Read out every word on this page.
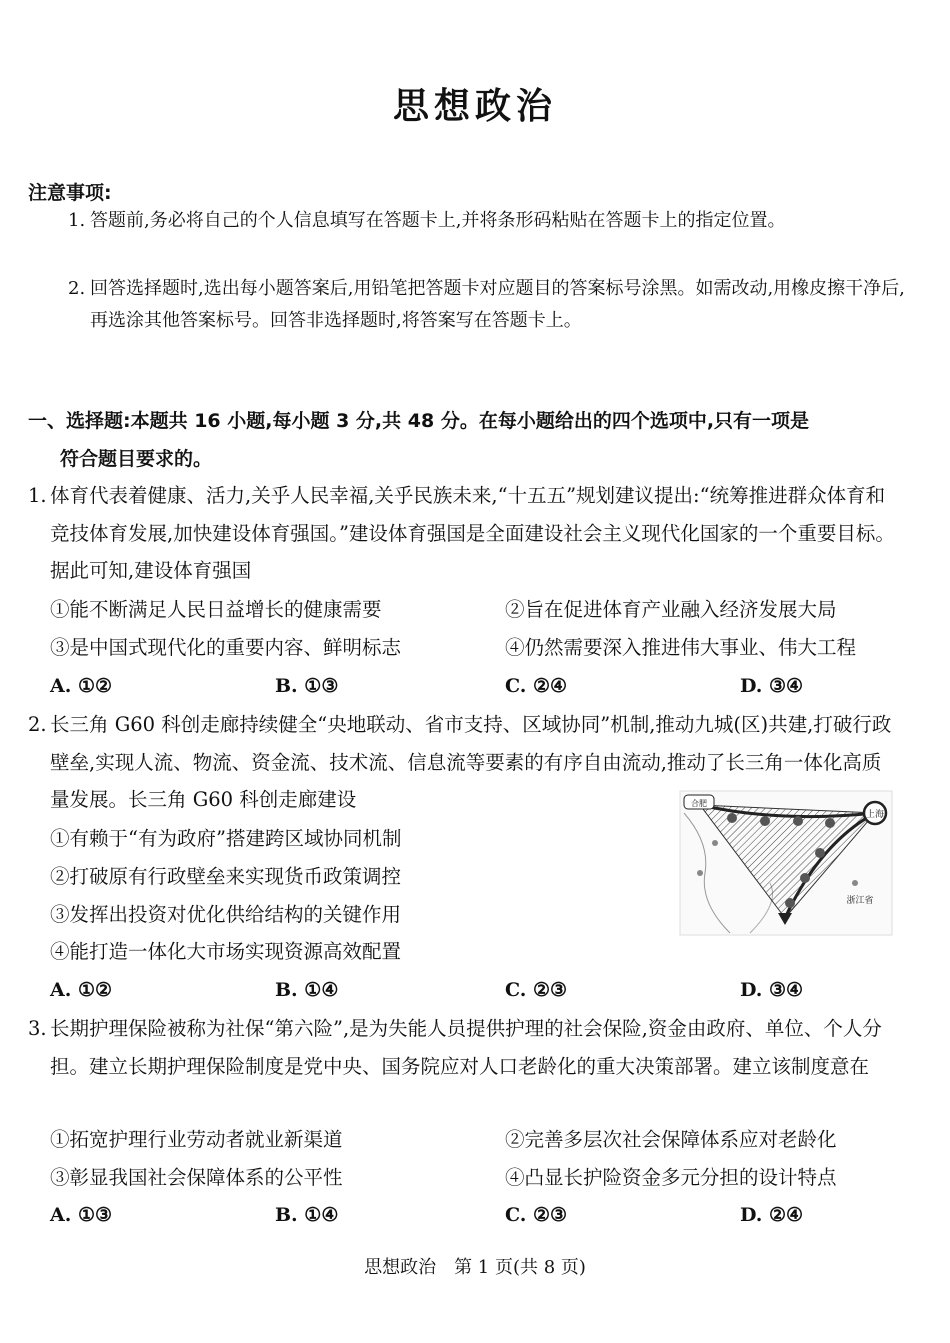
思想政治
注意事项:
1. 答题前,务必将自己的个人信息填写在答题卡上,并将条形码粘贴在答题卡上的指定位置。
2. 回答选择题时,选出每小题答案后,用铅笔把答题卡对应题目的答案标号涂黑。如需改动,用橡皮擦干净后,再选涂其他答案标号。回答非选择题时,将答案写在答题卡上。
一、选择题:本题共 16 小题,每小题 3 分,共 48 分。在每小题给出的四个选项中,只有一项是
符合题目要求的。
1. 体育代表着健康、活力,关乎人民幸福,关乎民族未来,“十五五”规划建议提出:“统筹推进群众体育和竞技体育发展,加快建设体育强国。”建设体育强国是全面建设社会主义现代化国家的一个重要目标。据此可知,建设体育强国
①能不断满足人民日益增长的健康需要	②旨在促进体育产业融入经济发展大局
③是中国式现代化的重要内容、鲜明标志	④仍然需要深入推进伟大事业、伟大工程
A. ①②	B. ①③	C. ②④	D. ③④
2. 长三角 G60 科创走廊持续健全“央地联动、省市支持、区域协同”机制,推动九城(区)共建,打破行政壁垒,实现人流、物流、资金流、技术流、信息流等要素的有序自由流动,推动了长三角一体化高质量发展。长三角 G60 科创走廊建设
①有赖于“有为政府”搭建跨区域协同机制
②打破原有行政壁垒来实现货币政策调控
③发挥出投资对优化供给结构的关键作用
④能打造一体化大市场实现资源高效配置
上海
合肥
浙江省
A. ①②	B. ①④	C. ②③	D. ③④
3. 长期护理保险被称为社保“第六险”,是为失能人员提供护理的社会保险,资金由政府、单位、个人分担。建立长期护理保险制度是党中央、国务院应对人口老龄化的重大决策部署。建立该制度意在
①拓宽护理行业劳动者就业新渠道	②完善多层次社会保障体系应对老龄化
③彰显我国社会保障体系的公平性	④凸显长护险资金多元分担的设计特点
A. ①③	B. ①④	C. ②③	D. ②④
思想政治　第 1 页(共 8 页)
